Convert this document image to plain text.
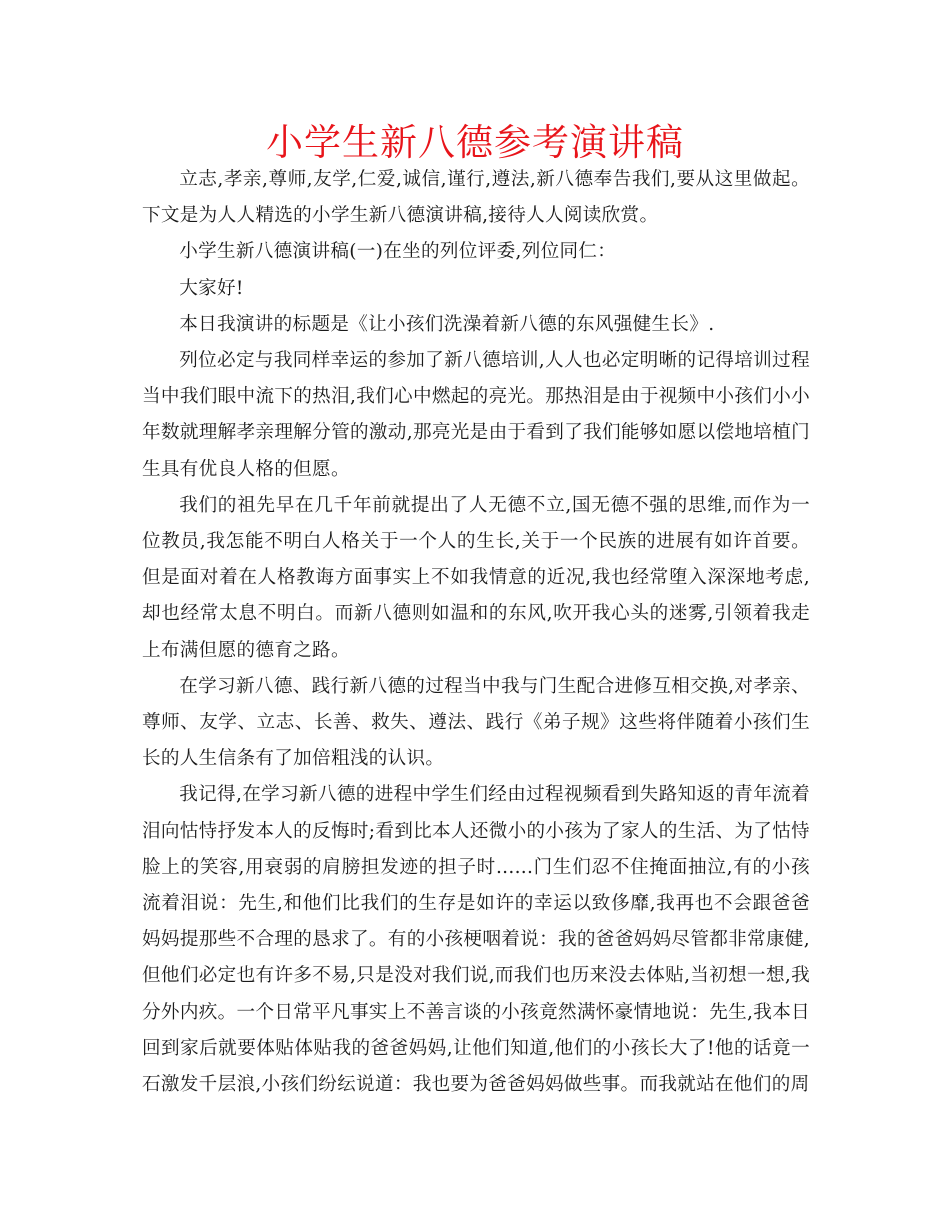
小学生新八德参考演讲稿

立志,孝亲,尊师,友学,仁爱,诚信,谨行,遵法,新八德奉告我们,要从这里做起。下文是为人人精选的小学生新八德演讲稿,接待人人阅读欣赏。

小学生新八德演讲稿(一)在坐的列位评委,列位同仁：

大家好!

本日我演讲的标题是《让小孩们洗澡着新八德的东风强健生长》.

列位必定与我同样幸运的参加了新八德培训,人人也必定明晰的记得培训过程当中我们眼中流下的热泪,我们心中燃起的亮光。那热泪是由于视频中小孩们小小年数就理解孝亲理解分管的激动,那亮光是由于看到了我们能够如愿以偿地培植门生具有优良人格的但愿。

我们的祖先早在几千年前就提出了人无德不立,国无德不强的思维,而作为一位教员,我怎能不明白人格关于一个人的生长,关于一个民族的进展有如许首要。但是面对着在人格教诲方面事实上不如我情意的近况,我也经常堕入深深地考虑,却也经常太息不明白。而新八德则如温和的东风,吹开我心头的迷雾,引领着我走上布满但愿的德育之路。

在学习新八德、践行新八德的过程当中我与门生配合进修互相交换,对孝亲、尊师、友学、立志、长善、救失、遵法、践行《弟子规》这些将伴随着小孩们生长的人生信条有了加倍粗浅的认识。

我记得,在学习新八德的进程中学生们经由过程视频看到失路知返的青年流着泪向怙恃抒发本人的反悔时;看到比本人还微小的小孩为了家人的生活、为了怙恃脸上的笑容,用衰弱的肩膀担发迹的担子时......门生们忍不住掩面抽泣,有的小孩流着泪说：先生,和他们比我们的生存是如许的幸运以致侈靡,我再也不会跟爸爸妈妈提那些不合理的恳求了。有的小孩梗咽着说：我的爸爸妈妈尽管都非常康健,但他们必定也有许多不易,只是没对我们说,而我们也历来没去体贴,当初想一想,我分外内疚。一个日常平凡事实上不善言谈的小孩竟然满怀豪情地说：先生,我本日回到家后就要体贴体贴我的爸爸妈妈,让他们知道,他们的小孩长大了!他的话竟一石激发千层浪,小孩们纷纭说道：我也要为爸爸妈妈做些事。而我就站在他们的周
